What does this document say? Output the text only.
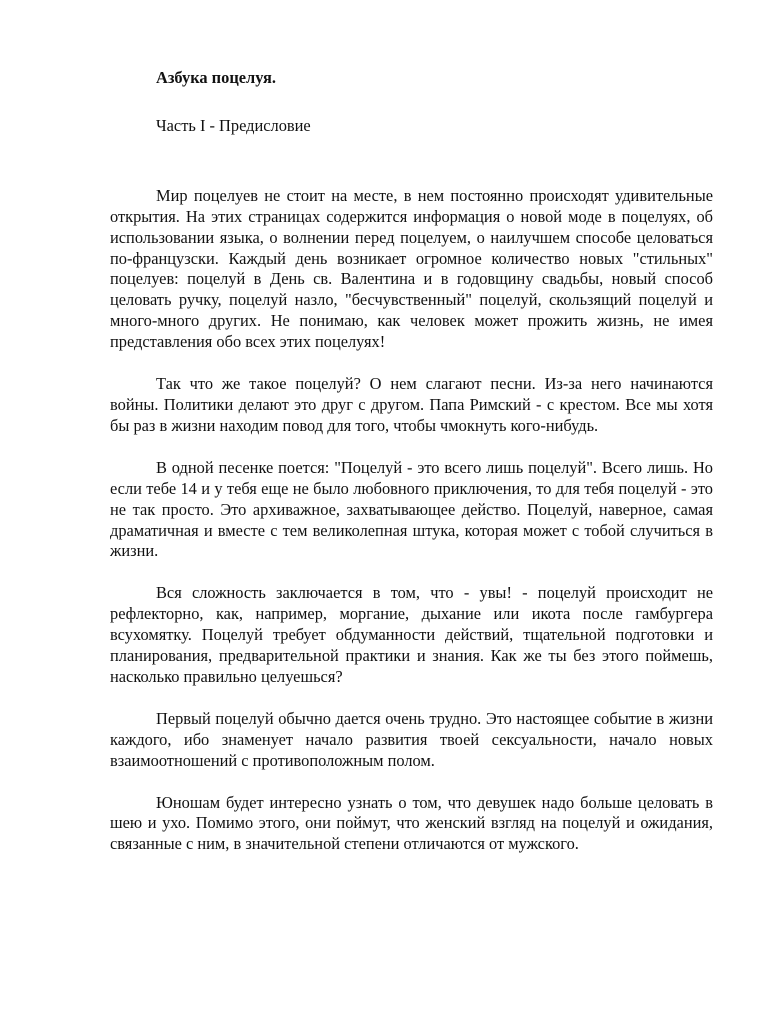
Азбука поцелуя.

Часть I - Предисловие

Мир поцелуев не стоит на месте, в нем постоянно происходят удивительные открытия. На этих страницах содержится информация о новой моде в поцелуях, об использовании языка, о волнении перед поцелуем, о наилучшем способе целоваться по-французски. Каждый день возникает огромное количество новых "стильных" поцелуев: поцелуй в День св. Валентина и в годовщину свадьбы, новый способ целовать ручку, поцелуй назло, "бесчувственный" поцелуй, скользящий поцелуй и много-много других. Не понимаю, как человек может прожить жизнь, не имея представления обо всех этих поцелуях!

Так что же такое поцелуй? О нем слагают песни. Из-за него начинаются войны. Политики делают это друг с другом. Папа Римский - с крестом. Все мы хотя бы раз в жизни находим повод для того, чтобы чмокнуть кого-нибудь.

В одной песенке поется: "Поцелуй - это всего лишь поцелуй". Всего лишь. Но если тебе 14 и у тебя еще не было любовного приключения, то для тебя поцелуй - это не так просто. Это архиважное, захватывающее действо. Поцелуй, наверное, самая драматичная и вместе с тем великолепная штука, которая может с тобой случиться в жизни.

Вся сложность заключается в том, что - увы! - поцелуй происходит не рефлекторно, как, например, моргание, дыхание или икота после гамбургера всухомятку. Поцелуй требует обдуманности действий, тщательной подготовки и планирования, предварительной практики и знания. Как же ты без этого поймешь, насколько правильно целуешься?

Первый поцелуй обычно дается очень трудно. Это настоящее событие в жизни каждого, ибо знаменует начало развития твоей сексуальности, начало новых взаимоотношений с противоположным полом.

Юношам будет интересно узнать о том, что девушек надо больше целовать в шею и ухо. Помимо этого, они поймут, что женский взгляд на поцелуй и ожидания, связанные с ним, в значительной степени отличаются от мужского.
